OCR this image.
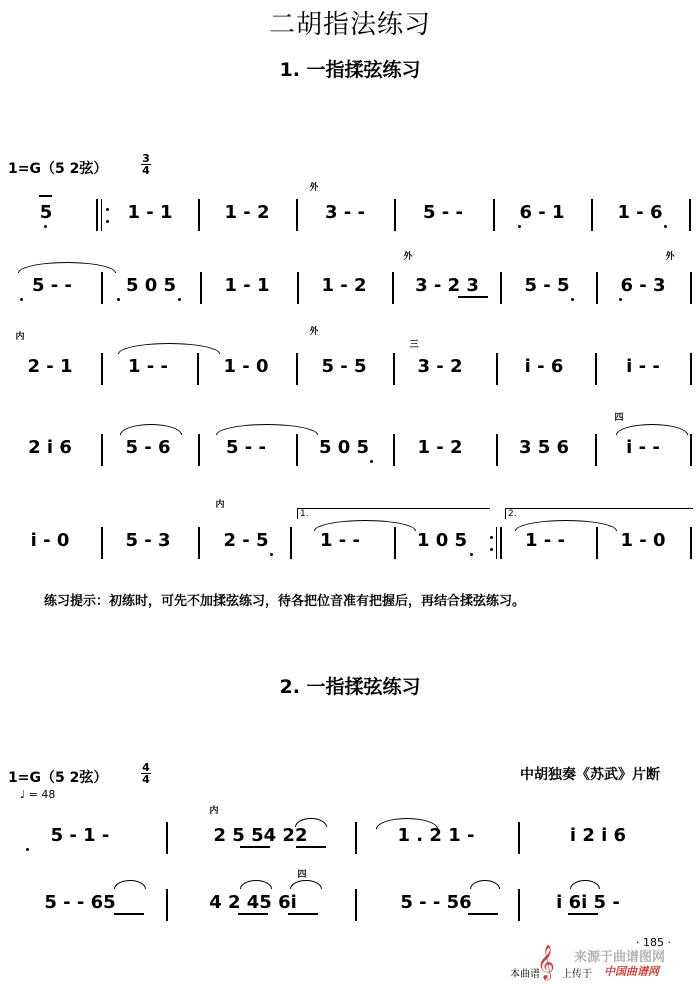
二胡指法练习
1. 一指揉弦练习
1=G（5 2弦）
3
4
5	1 - 1	1 - 2
外
3 - -	5 - -	6 - 1	1 - 6
5 - -	5 0 5	1 - 1	1 - 2
外
3 - 2 3	5 - 5
外
6 - 3
内
2 - 1	1 - -	1 - 0
外
5 - 5
三
3 - 2	i - 6	i - -
2 i 6	5 - 6	5 - -	5 0 5	1 - 2	3 5 6
四
i - -
i - 0	5 - 3
内
2 - 5
1.
1 - -	1 0 5
2.
1 - -	1 - 0
练习提示：初练时，可先不加揉弦练习，待各把位音准有把握后，再结合揉弦练习。
2. 一指揉弦练习
1=G（5 2弦）
4
4
♩ = 48
中胡独奏《苏武》片断
5 - 1 -
内
2 5 54 22	1 . 2 1 -	i 2 i 6
5 - - 65
四
4 2 45 6i	5 - - 56	i 6i 5 -
· 185 ·
来源于曲谱图网
𝄞
本曲谱 上传于 中国曲谱网
